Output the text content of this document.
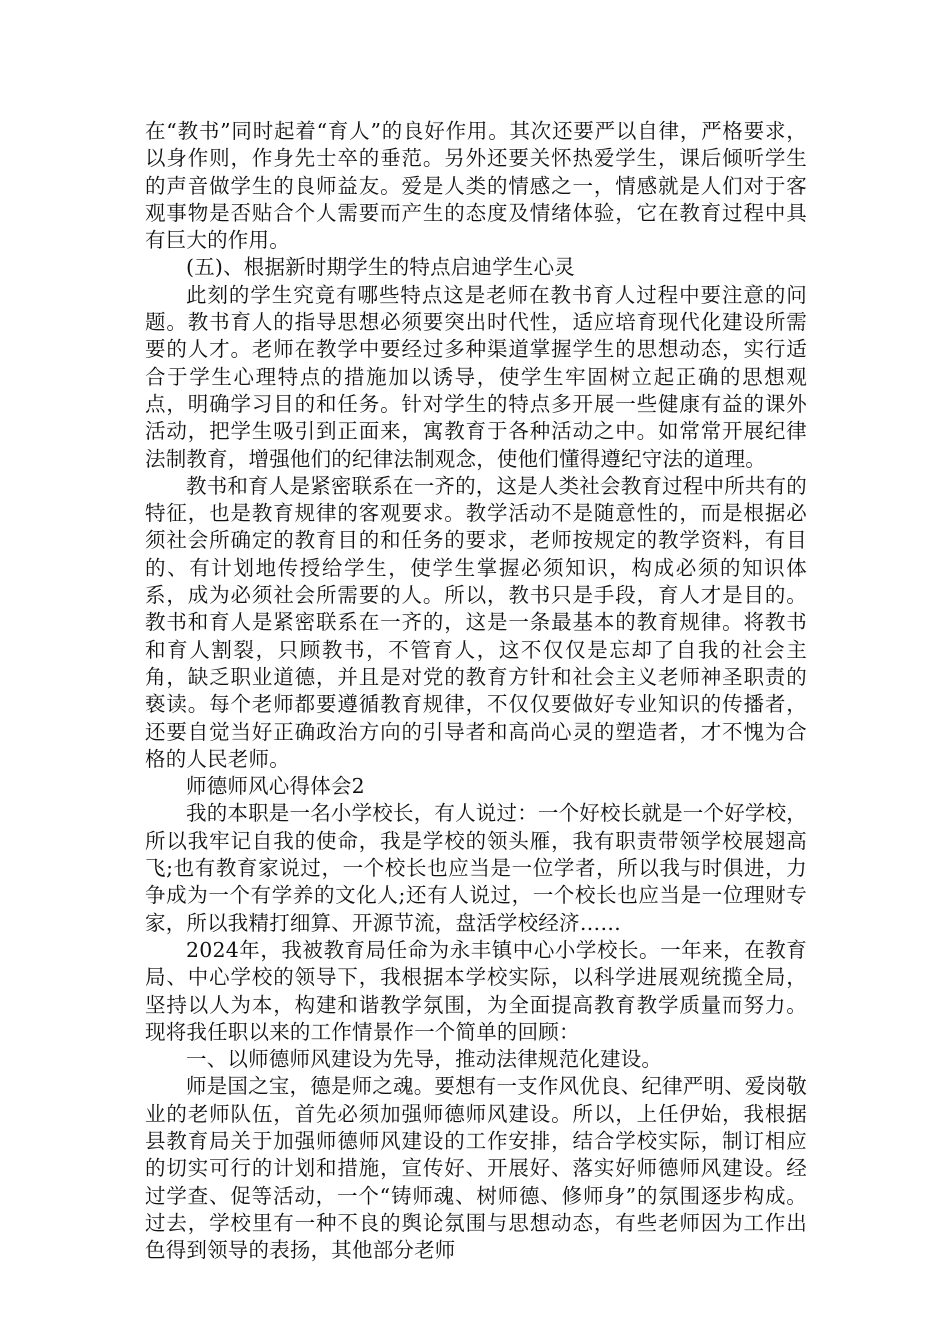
在“教书”同时起着“育人”的良好作用。其次还要严以自律，严格要求，以身作则，作身先士卒的垂范。另外还要关怀热爱学生，课后倾听学生的声音做学生的良师益友。爱是人类的情感之一，情感就是人们对于客观事物是否贴合个人需要而产生的态度及情绪体验，它在教育过程中具有巨大的作用。

(五)、根据新时期学生的特点启迪学生心灵

此刻的学生究竟有哪些特点这是老师在教书育人过程中要注意的问题。教书育人的指导思想必须要突出时代性，适应培育现代化建设所需要的人才。老师在教学中要经过多种渠道掌握学生的思想动态，实行适合于学生心理特点的措施加以诱导，使学生牢固树立起正确的思想观点，明确学习目的和任务。针对学生的特点多开展一些健康有益的课外活动，把学生吸引到正面来，寓教育于各种活动之中。如常常开展纪律法制教育，增强他们的纪律法制观念，使他们懂得遵纪守法的道理。

教书和育人是紧密联系在一齐的，这是人类社会教育过程中所共有的特征，也是教育规律的客观要求。教学活动不是随意性的，而是根据必须社会所确定的教育目的和任务的要求，老师按规定的教学资料，有目的、有计划地传授给学生，使学生掌握必须知识，构成必须的知识体系，成为必须社会所需要的人。所以，教书只是手段，育人才是目的。教书和育人是紧密联系在一齐的，这是一条最基本的教育规律。将教书和育人割裂，只顾教书，不管育人，这不仅仅是忘却了自我的社会主角，缺乏职业道德，并且是对党的教育方针和社会主义老师神圣职责的亵读。每个老师都要遵循教育规律，不仅仅要做好专业知识的传播者，还要自觉当好正确政治方向的引导者和高尚心灵的塑造者，才不愧为合格的人民老师。

师德师风心得体会2

我的本职是一名小学校长，有人说过：一个好校长就是一个好学校，所以我牢记自我的使命，我是学校的领头雁，我有职责带领学校展翅高飞;也有教育家说过，一个校长也应当是一位学者，所以我与时俱进，力争成为一个有学养的文化人;还有人说过，一个校长也应当是一位理财专家，所以我精打细算、开源节流，盘活学校经济……

2024年，我被教育局任命为永丰镇中心小学校长。一年来，在教育局、中心学校的领导下，我根据本学校实际，以科学进展观统揽全局，坚持以人为本，构建和谐教学氛围，为全面提高教育教学质量而努力。现将我任职以来的工作情景作一个简单的回顾：

一、以师德师风建设为先导，推动法律规范化建设。

师是国之宝，德是师之魂。要想有一支作风优良、纪律严明、爱岗敬业的老师队伍，首先必须加强师德师风建设。所以，上任伊始，我根据县教育局关于加强师德师风建设的工作安排，结合学校实际，制订相应的切实可行的计划和措施，宣传好、开展好、落实好师德师风建设。经过学查、促等活动，一个“铸师魂、树师德、修师身”的氛围逐步构成。过去，学校里有一种不良的舆论氛围与思想动态，有些老师因为工作出色得到领导的表扬，其他部分老师
